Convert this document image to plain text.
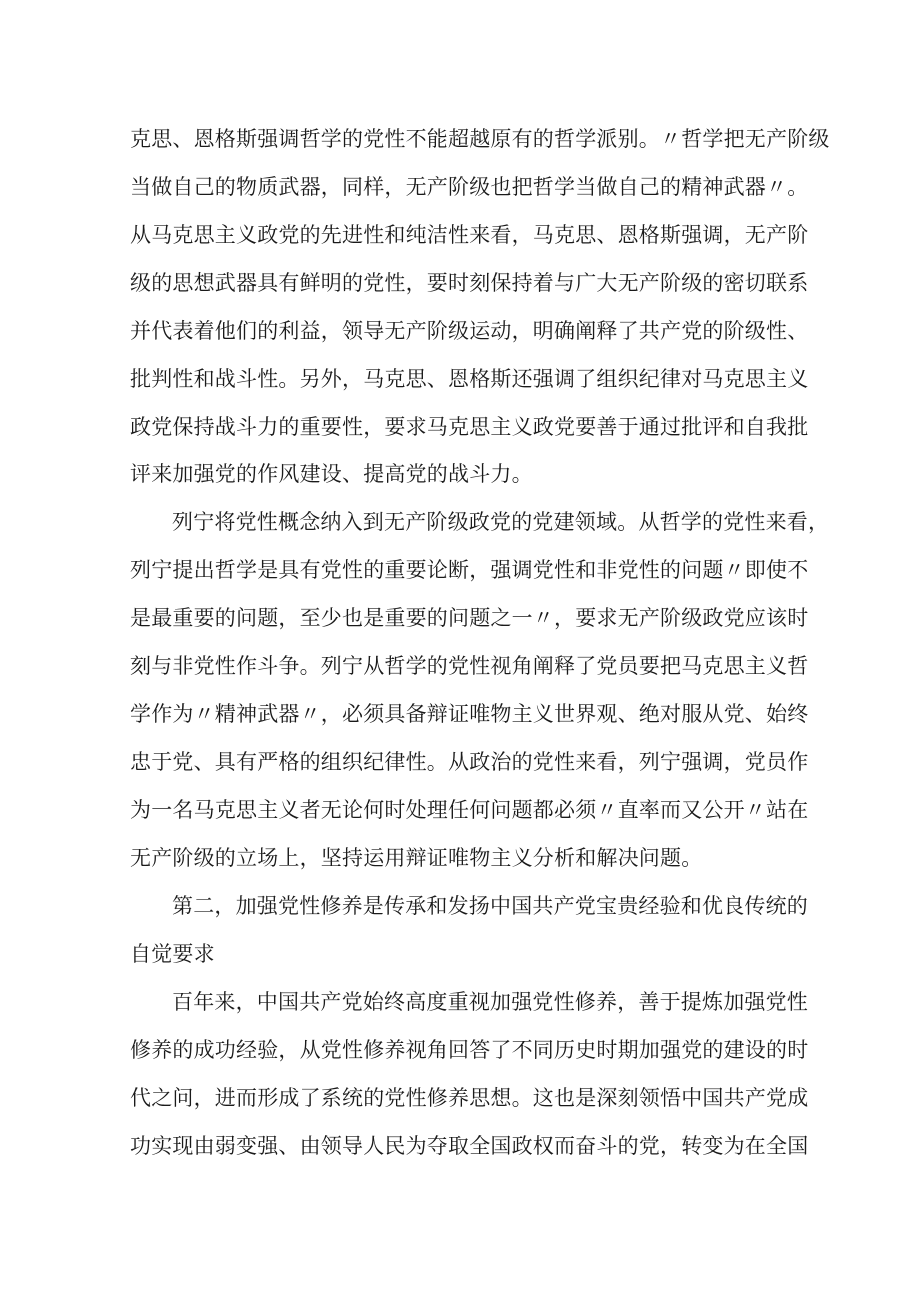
克思、恩格斯强调哲学的党性不能超越原有的哲学派别。〃哲学把无产阶级
当做自己的物质武器，同样，无产阶级也把哲学当做自己的精神武器〃。
从马克思主义政党的先进性和纯洁性来看，马克思、恩格斯强调，无产阶
级的思想武器具有鲜明的党性，要时刻保持着与广大无产阶级的密切联系
并代表着他们的利益，领导无产阶级运动，明确阐释了共产党的阶级性、
批判性和战斗性。另外，马克思、恩格斯还强调了组织纪律对马克思主义
政党保持战斗力的重要性，要求马克思主义政党要善于通过批评和自我批
评来加强党的作风建设、提高党的战斗力。
列宁将党性概念纳入到无产阶级政党的党建领域。从哲学的党性来看，
列宁提出哲学是具有党性的重要论断，强调党性和非党性的问题〃即使不
是最重要的问题，至少也是重要的问题之一〃，要求无产阶级政党应该时
刻与非党性作斗争。列宁从哲学的党性视角阐释了党员要把马克思主义哲
学作为〃精神武器〃，必须具备辩证唯物主义世界观、绝对服从党、始终
忠于党、具有严格的组织纪律性。从政治的党性来看，列宁强调，党员作
为一名马克思主义者无论何时处理任何问题都必须〃直率而又公开〃站在
无产阶级的立场上，坚持运用辩证唯物主义分析和解决问题。
第二，加强党性修养是传承和发扬中国共产党宝贵经验和优良传统的
自觉要求
百年来，中国共产党始终高度重视加强党性修养，善于提炼加强党性
修养的成功经验，从党性修养视角回答了不同历史时期加强党的建设的时
代之问，进而形成了系统的党性修养思想。这也是深刻领悟中国共产党成
功实现由弱变强、由领导人民为夺取全国政权而奋斗的党，转变为在全国
